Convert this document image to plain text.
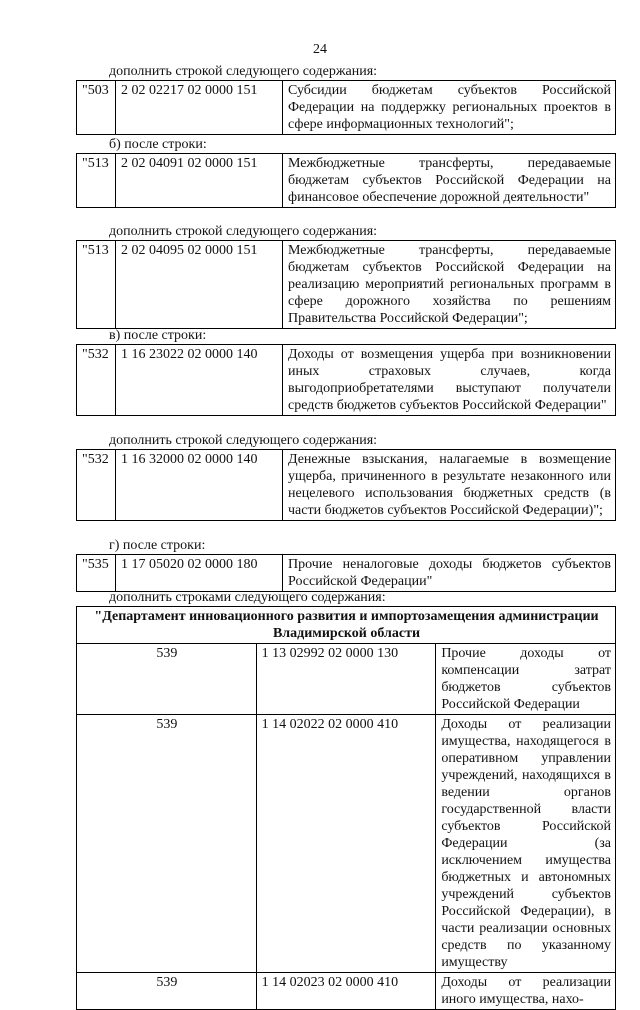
24
дополнить строкой следующего содержания:
"503	2 02 02217 02 0000 151	Субсидии бюджетам субъектов Российской Федерации на поддержку региональных проектов в сфере информационных технологий";
б) после строки:
"513	2 02 04091 02 0000 151	Межбюджетные трансферты, передаваемые бюджетам субъектов Российской Федерации на финансовое обеспечение дорожной деятельности"
дополнить строкой следующего содержания:
"513	2 02 04095 02 0000 151	Межбюджетные трансферты, передаваемые бюджетам субъектов Российской Федерации на реализацию мероприятий региональных программ в сфере дорожного хозяйства по решениям Правительства Российской Федерации";
в) после строки:
"532	1 16 23022 02 0000 140	Доходы от возмещения ущерба при возникновении иных страховых случаев, когда выгодоприобретателями выступают получатели средств бюджетов субъектов Российской Федерации"
дополнить строкой следующего содержания:
"532	1 16 32000 02 0000 140	Денежные взыскания, налагаемые в возмещение ущерба, причиненного в результате незаконного или нецелевого использования бюджетных средств (в части бюджетов субъектов Российской Федерации)";
г) после строки:
"535	1 17 05020 02 0000 180	Прочие неналоговые доходы бюджетов субъектов Российской Федерации"
дополнить строками следующего содержания:
"Департамент инновационного развития и импортозамещения администрации Владимирской области		
539	1 13 02992 02 0000 130	Прочие доходы от компенсации затрат бюджетов субъектов Российской Федерации
539	1 14 02022 02 0000 410	Доходы от реализации имущества, находящегося в оперативном управлении учреждений, находящихся в ведении органов государственной власти субъектов Российской Федерации (за исключением имущества бюджетных и автономных учреждений субъектов Российской Федерации), в части реализации основных средств по указанному имуществу
539	1 14 02023 02 0000 410	Доходы от реализации иного имущества, нахо-
